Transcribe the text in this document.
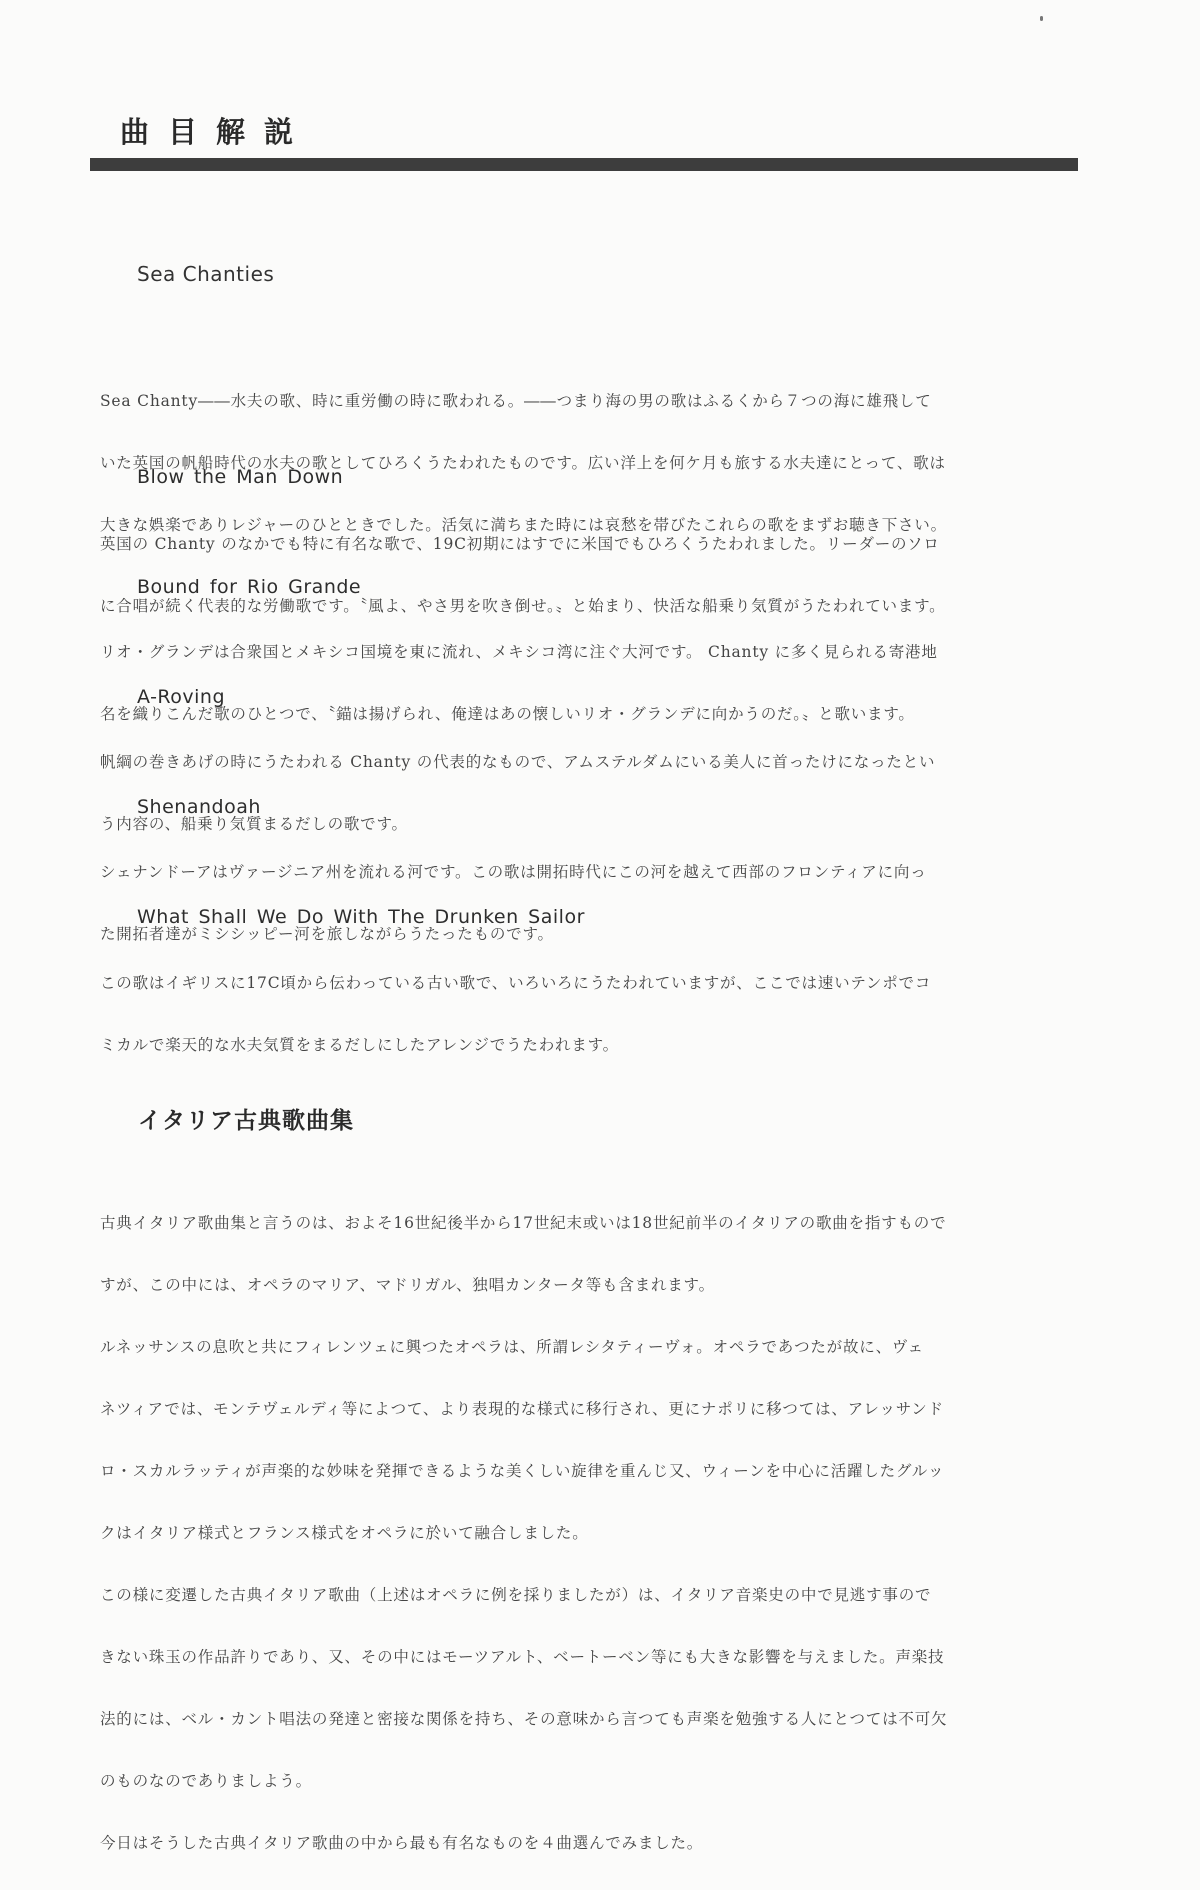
曲目解説
Sea Chanties

Sea Chanty――水夫の歌、時に重労働の時に歌われる。――つまり海の男の歌はふるくから７つの海に雄飛して

いた英国の帆船時代の水夫の歌としてひろくうたわれたものです。広い洋上を何ケ月も旅する水夫達にとって、歌は

大きな娯楽でありレジャーのひとときでした。活気に満ちまた時には哀愁を帯びたこれらの歌をまずお聴き下さい。

Blow the Man Down

英国の Chanty のなかでも特に有名な歌で、19C初期にはすでに米国でもひろくうたわれました。リーダーのソロ

に合唱が続く代表的な労働歌です。〝風よ、やさ男を吹き倒せ。〟と始まり、快活な船乗り気質がうたわれています。

Bound for Rio Grande

リオ・グランデは合衆国とメキシコ国境を東に流れ、メキシコ湾に注ぐ大河です。 Chanty に多く見られる寄港地

名を織りこんだ歌のひとつで、〝錨は揚げられ、俺達はあの懐しいリオ・グランデに向かうのだ。〟と歌います。

A-Roving

帆綱の巻きあげの時にうたわれる Chanty の代表的なもので、アムステルダムにいる美人に首ったけになったとい

う内容の、船乗り気質まるだしの歌です。

Shenandoah

シェナンドーアはヴァージニア州を流れる河です。この歌は開拓時代にこの河を越えて西部のフロンティアに向っ

た開拓者達がミシシッピー河を旅しながらうたったものです。

What Shall We Do With The Drunken Sailor

この歌はイギリスに17C頃から伝わっている古い歌で、いろいろにうたわれていますが、ここでは速いテンポでコ

ミカルで楽天的な水夫気質をまるだしにしたアレンジでうたわれます。

イタリア古典歌曲集

古典イタリア歌曲集と言うのは、およそ16世紀後半から17世紀末或いは18世紀前半のイタリアの歌曲を指すもので

すが、この中には、オペラのマリア、マドリガル、独唱カンタータ等も含まれます。

ルネッサンスの息吹と共にフィレンツェに興つたオペラは、所謂レシタティーヴォ。オペラであつたが故に、ヴェ

ネツィアでは、モンテヴェルディ等によつて、より表現的な様式に移行され、更にナポリに移つては、アレッサンド

ロ・スカルラッティが声楽的な妙味を発揮できるような美くしい旋律を重んじ又、ウィーンを中心に活躍したグルッ

クはイタリア様式とフランス様式をオペラに於いて融合しました。

この様に変遷した古典イタリア歌曲（上述はオペラに例を採りましたが）は、イタリア音楽史の中で見逃す事ので

きない珠玉の作品許りであり、又、その中にはモーツアルト、ベートーベン等にも大きな影響を与えました。声楽技

法的には、ベル・カント唱法の発達と密接な関係を持ち、その意味から言つても声楽を勉強する人にとつては不可欠

のものなのでありましよう。

今日はそうした古典イタリア歌曲の中から最も有名なものを４曲選んでみました。
